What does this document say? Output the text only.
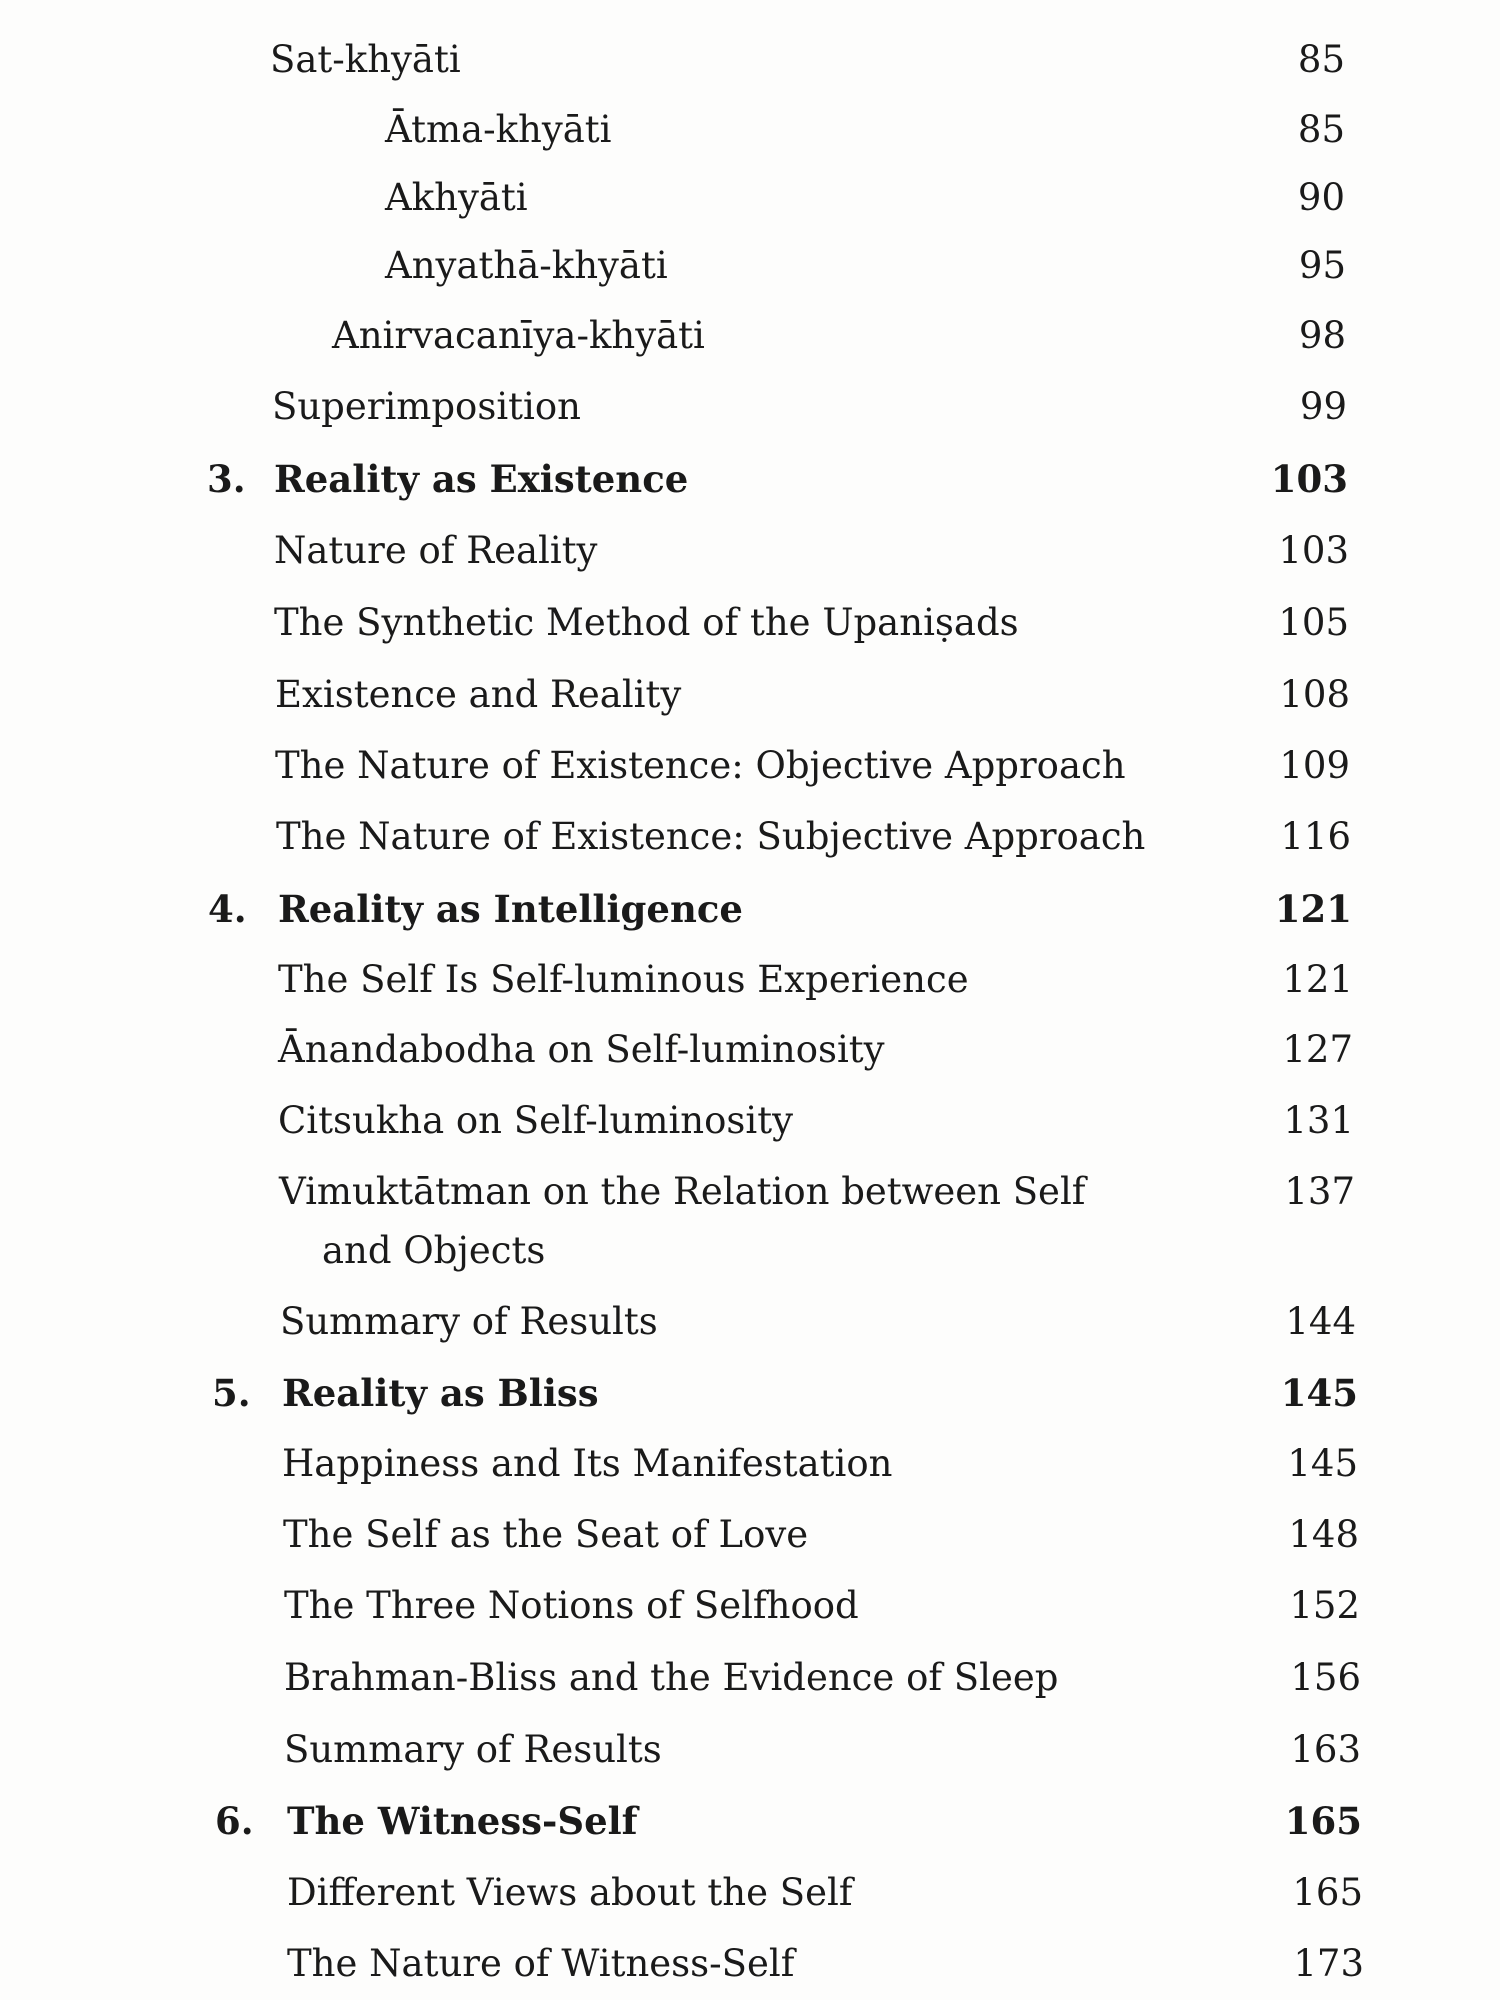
Sat-khyāti	85
Ātma-khyāti	85
Akhyāti	90
Anyathā-khyāti	95
Anirvacanīya-khyāti	98
Superimposition	99
3. Reality as Existence	103
Nature of Reality	103
The Synthetic Method of the Upaniṣads	105
Existence and Reality	108
The Nature of Existence: Objective Approach	109
The Nature of Existence: Subjective Approach	116
4. Reality as Intelligence	121
The Self Is Self-luminous Experience	121
Ānandabodha on Self-luminosity	127
Citsukha on Self-luminosity	131
Vimuktātman on the Relation between Self	137
and Objects
Summary of Results	144
5. Reality as Bliss	145
Happiness and Its Manifestation	145
The Self as the Seat of Love	148
The Three Notions of Selfhood	152
Brahman-Bliss and the Evidence of Sleep	156
Summary of Results	163
6. The Witness-Self	165
Different Views about the Self	165
The Nature of Witness-Self	173
